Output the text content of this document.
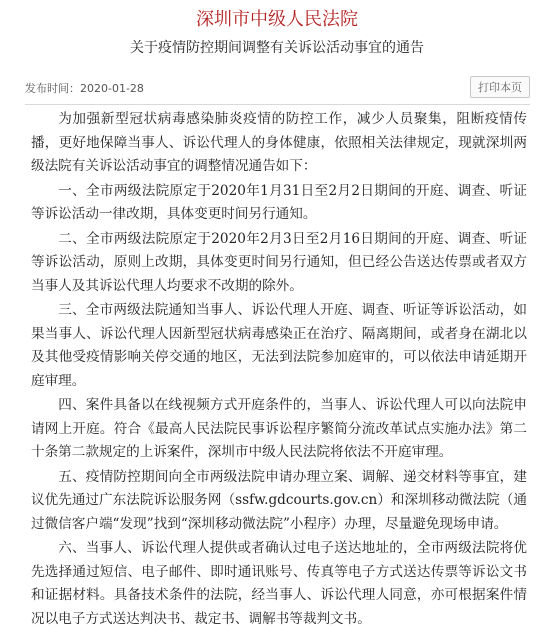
深圳市中级人民法院
关于疫情防控期间调整有关诉讼活动事宜的通告
发布时间：2020-01-28	打印本页

为加强新型冠状病毒感染肺炎疫情的防控工作，减少人员聚集，阻断疫情传播，更好地保障当事人、诉讼代理人的身体健康，依照相关法律规定，现就深圳两级法院有关诉讼活动事宜的调整情况通告如下：

一、全市两级法院原定于2020年1月31日至2月2日期间的开庭、调查、听证等诉讼活动一律改期，具体变更时间另行通知。

二、全市两级法院原定于2020年2月3日至2月16日期间的开庭、调查、听证等诉讼活动，原则上改期，具体变更时间另行通知，但已经公告送达传票或者双方当事人及其诉讼代理人均要求不改期的除外。

三、全市两级法院通知当事人、诉讼代理人开庭、调查、听证等诉讼活动，如果当事人、诉讼代理人因新型冠状病毒感染正在治疗、隔离期间，或者身在湖北以及其他受疫情影响关停交通的地区，无法到法院参加庭审的，可以依法申请延期开庭审理。

四、案件具备以在线视频方式开庭条件的，当事人、诉讼代理人可以向法院申请网上开庭。符合《最高人民法院民事诉讼程序繁简分流改革试点实施办法》第二十条第二款规定的上诉案件，深圳市中级人民法院将依法不开庭审理。

五、疫情防控期间向全市两级法院申请办理立案、调解、递交材料等事宜，建议优先通过广东法院诉讼服务网（ssfw.gdcourts.gov.cn）和深圳移动微法院（通过微信客户端“发现”找到“深圳移动微法院”小程序）办理，尽量避免现场申请。

六、当事人、诉讼代理人提供或者确认过电子送达地址的，全市两级法院将优先选择通过短信、电子邮件、即时通讯账号、传真等电子方式送达传票等诉讼文书和证据材料。具备技术条件的法院，经当事人、诉讼代理人同意，亦可根据案件情况以电子方式送达判决书、裁定书、调解书等裁判文书。
